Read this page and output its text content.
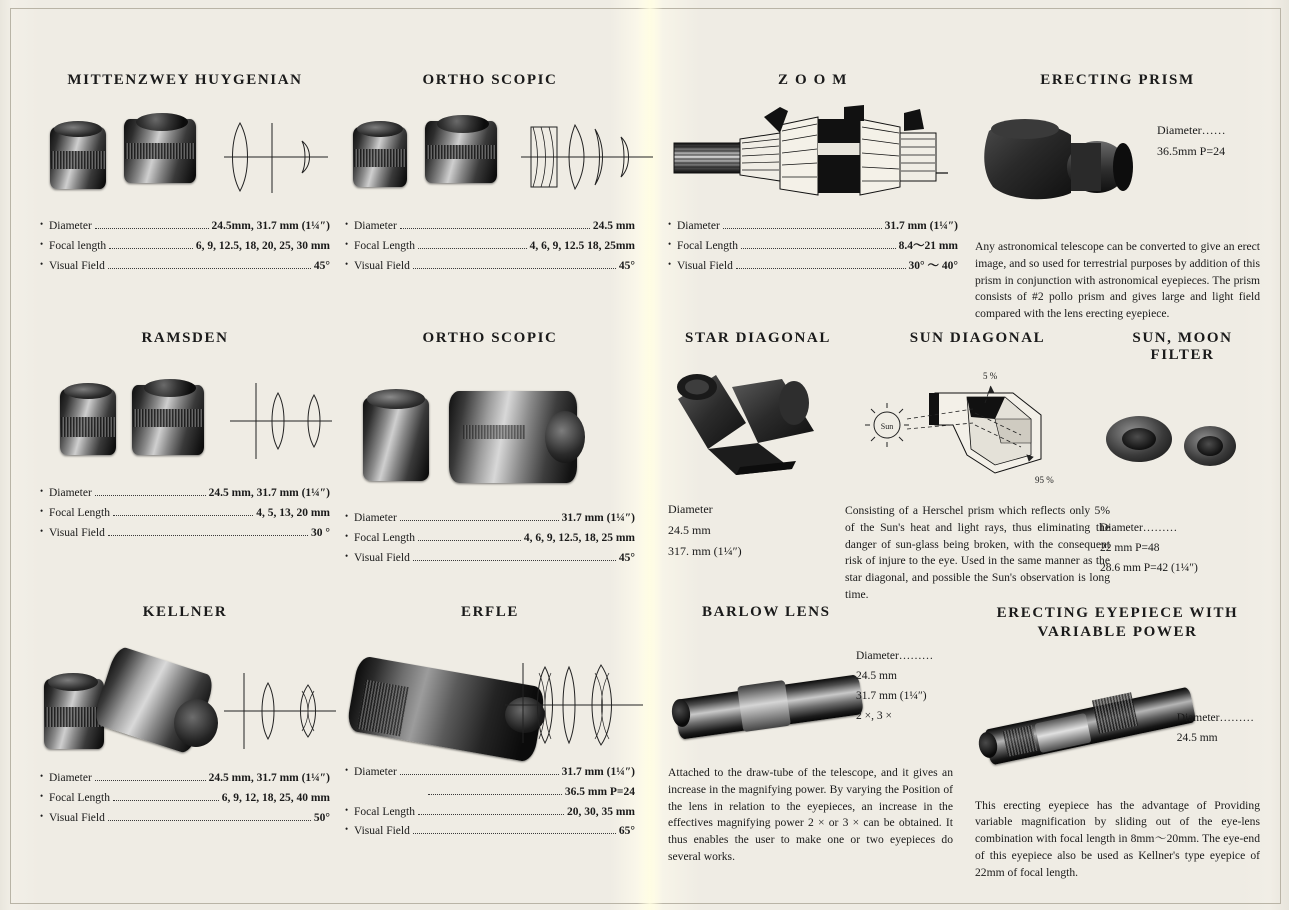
MITTENZWEY HUYGENIAN
• Diameter	24.5mm, 31.7 mm (1¼″)
• Focal length	6, 9, 12.5, 18, 20, 25, 30 mm
• Visual Field	45°
ORTHO SCOPIC
• Diameter	24.5 mm
• Focal Length	4, 6, 9, 12.5 18, 25mm
• Visual Field	45°
Z O O M
• Diameter	31.7 mm (1¼″)
• Focal Length	8.4〜21 mm
• Visual Field	30° 〜 40°
ERECTING PRISM
Diameter……
36.5mm P=24
Any astronomical telescope can be converted to give an erect image, and so used for terrestrial purposes by addition of this prism in conjunction with astronomical eyepieces. The prism consists of #2 pollo prism and gives large and light field compared with the lens erecting eyepiece.
RAMSDEN
• Diameter	24.5 mm, 31.7 mm (1¼″)
• Focal Length	4, 5, 13, 20 mm
• Visual Field	30 °
ORTHO SCOPIC
• Diameter	31.7 mm (1¼″)
• Focal Length	4, 6, 9, 12.5, 18, 25 mm
• Visual Field	45°
STAR DIAGONAL
Diameter
24.5 mm
317. mm (1¼″)
SUN DIAGONAL
Sun
5 %
95 %
Consisting of a Herschel prism which reflects only 5% of the Sun's heat and light rays, thus eliminating the danger of sun-glass being broken, with the consequent risk of injure to the eye. Used in the same manner as the star diagonal, and possible the Sun's observation is long time.
SUN, MOON FILTER
Diameter………
22 mm P=48
28.6 mm P=42 (1¼″)
KELLNER
• Diameter	24.5 mm, 31.7 mm (1¼″)
• Focal Length	6, 9, 12, 18, 25, 40 mm
• Visual Field	50°
ERFLE
• Diameter	31.7 mm (1¼″)
36.5 mm P=24
• Focal Length	20, 30, 35 mm
• Visual Field	65°
BARLOW LENS
Diameter………
24.5 mm
31.7 mm (1¼″)
2 ×, 3 ×
Attached to the draw-tube of the telescope, and it gives an increase in the magnifying power. By varying the Position of the lens in relation to the eyepieces, an increase in the effectives magnifying power 2 × or 3 × can be obtained. It thus enables the user to make one or two eyepieces do several works.
ERECTING EYEPIECE WITH
VARIABLE POWER
Diameter………
24.5 mm
This erecting eyepiece has the advantage of Providing variable magnification by sliding out of the eye-lens combination with focal length in 8mm〜20mm. The eye-end of this eyepiece also be used as Kellner's type eyepice of 22mm of focal length.
